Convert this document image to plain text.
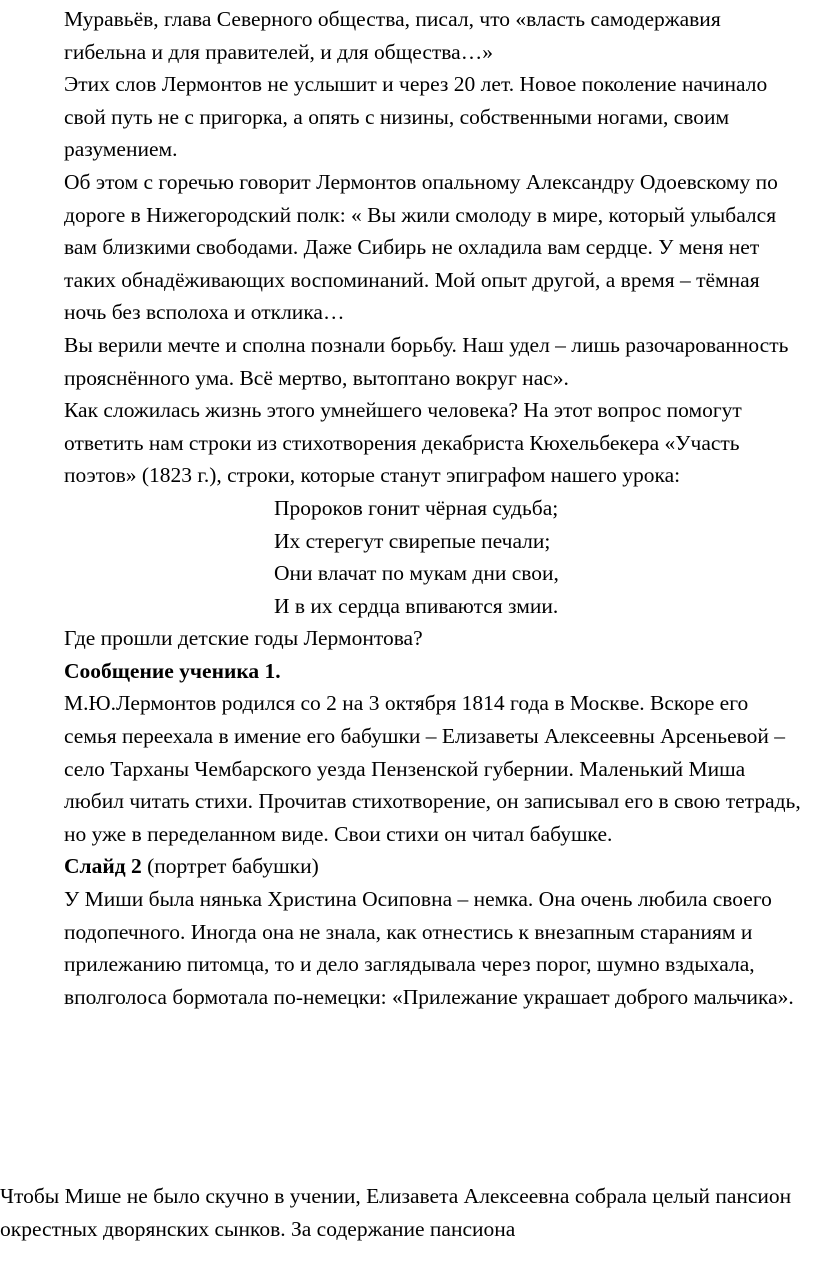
Муравьёв, глава Северного общества, писал, что «власть самодержавия гибельна и для правителей, и для общества…»

Этих слов Лермонтов не услышит и через 20 лет. Новое поколение начинало свой путь не с пригорка, а опять с низины, собственными ногами, своим разумением.

Об этом с горечью говорит Лермонтов опальному Александру Одоевскому по дороге в Нижегородский полк: « Вы жили смолоду в мире, который улыбался вам близкими свободами. Даже Сибирь не охладила вам сердце. У меня нет таких обнадёживающих воспоминаний. Мой опыт другой, а время – тёмная ночь без всполоха и отклика…

Вы верили мечте и сполна познали борьбу. Наш удел – лишь разочарованность прояснённого ума. Всё мертво, вытоптано вокруг нас».

Как сложилась жизнь этого умнейшего человека? На этот вопрос помогут ответить нам строки из стихотворения декабриста Кюхельбекера «Участь поэтов» (1823 г.), строки, которые станут эпиграфом нашего урока:

Пророков гонит чёрная судьба;

Их стерегут свирепые печали;

Они влачат по мукам дни свои,

И в их сердца впиваются змии.

Где прошли детские годы Лермонтова?

Сообщение ученика 1.

М.Ю.Лермонтов родился со 2 на 3 октября 1814 года в Москве. Вскоре его семья переехала в имение его бабушки – Елизаветы Алексеевны Арсеньевой – село Тарханы Чембарского уезда Пензенской губернии. Маленький Миша любил читать стихи. Прочитав стихотворение, он записывал его в свою тетрадь, но уже в переделанном виде. Свои стихи он читал бабушке.

Слайд 2 (портрет бабушки)

У Миши была нянька Христина Осиповна – немка. Она очень любила своего подопечного. Иногда она не знала, как отнестись к внезапным стараниям и прилежанию питомца, то и дело заглядывала через порог, шумно вздыхала, вполголоса бормотала по-немецки: «Прилежание украшает доброго мальчика».

Чтобы Мише не было скучно в учении, Елизавета Алексеевна собрала целый пансион окрестных дворянских сынков. За содержание пансиона
